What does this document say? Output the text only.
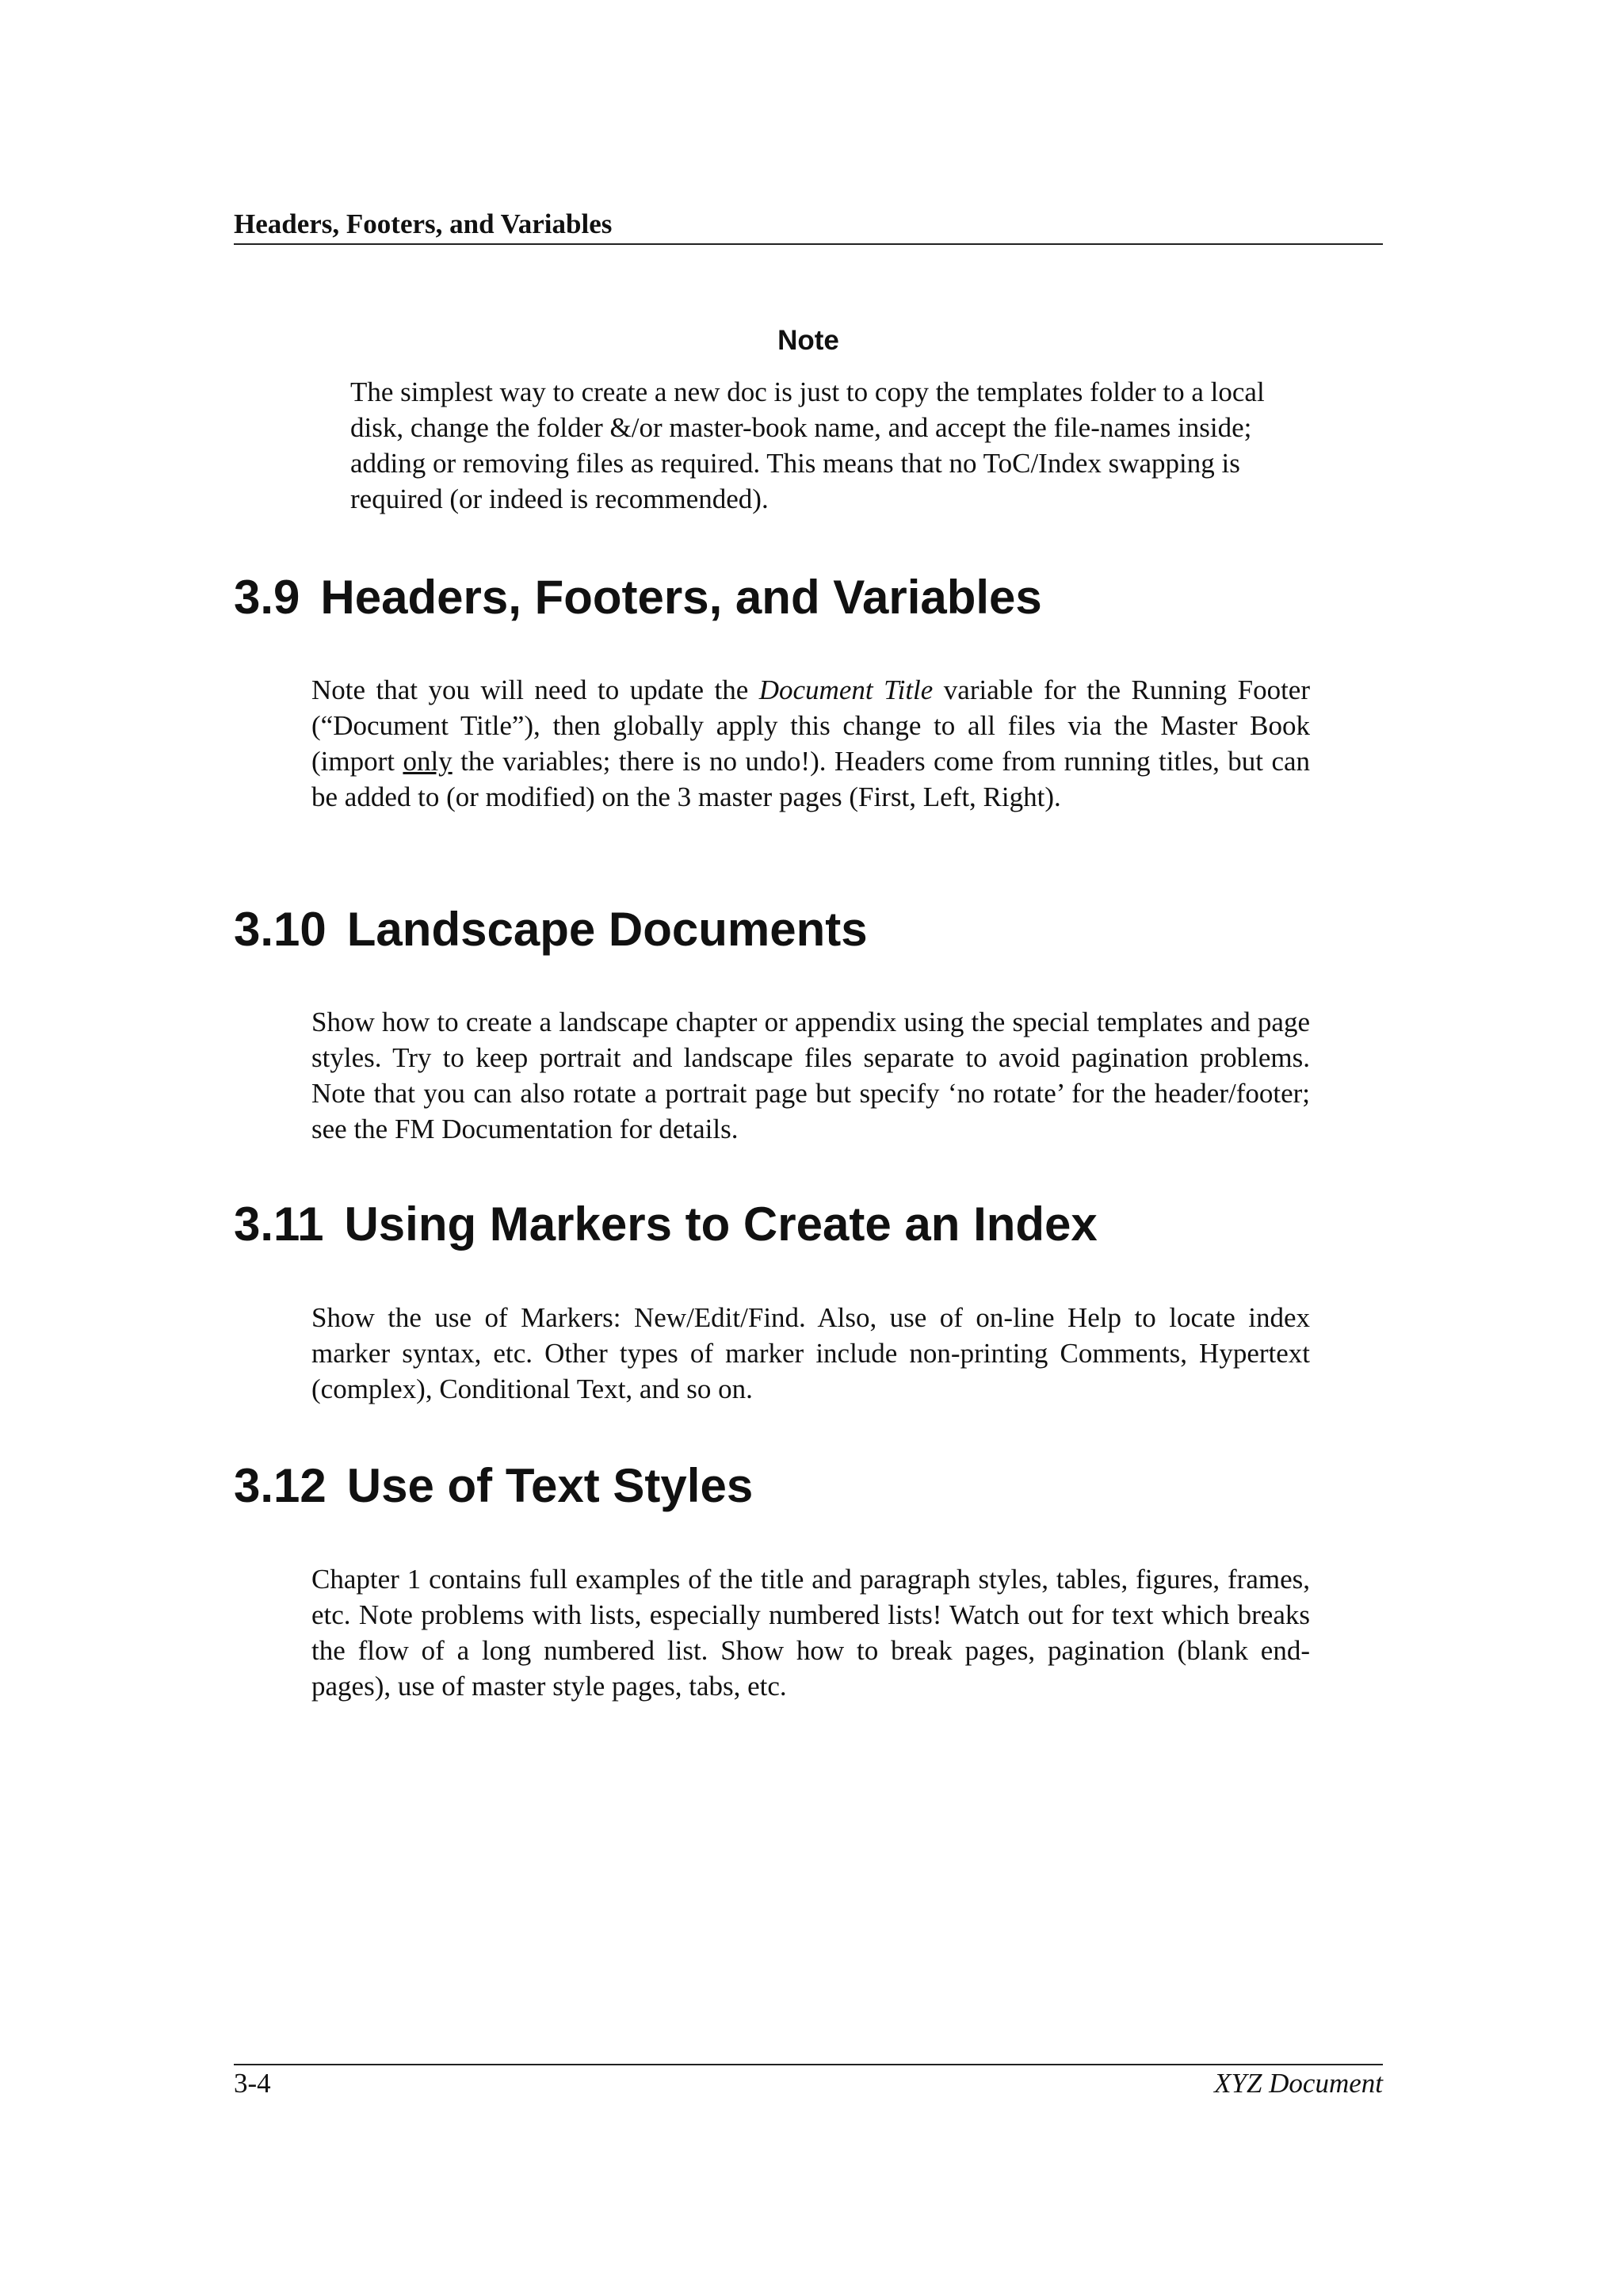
Headers, Footers, and Variables
Note
The simplest way to create a new doc is just to copy the templates folder to a local disk, change the folder &/or master-book name, and accept the file-names inside; adding or removing files as required. This means that no ToC/Index swapping is required (or indeed is recommended).
3.9 Headers, Footers, and Variables
Note that you will need to update the Document Title variable for the Running Footer (“Document Title”), then globally apply this change to all files via the Master Book (import only the variables; there is no undo!). Headers come from running titles, but can be added to (or modified) on the 3 master pages (First, Left, Right).
3.10 Landscape Documents
Show how to create a landscape chapter or appendix using the special templates and page styles. Try to keep portrait and landscape files separate to avoid pagination problems. Note that you can also rotate a portrait page but specify ‘no rotate’ for the header/footer; see the FM Documentation for details.
3.11 Using Markers to Create an Index
Show the use of Markers: New/Edit/Find. Also, use of on-line Help to locate index marker syntax, etc. Other types of marker include non-printing Comments, Hypertext (complex), Conditional Text, and so on.
3.12 Use of Text Styles
Chapter 1 contains full examples of the title and paragraph styles, tables, figures, frames, etc. Note problems with lists, especially numbered lists! Watch out for text which breaks the flow of a long numbered list. Show how to break pages, pagination (blank end-pages), use of master style pages, tabs, etc.
3-4	XYZ Document
